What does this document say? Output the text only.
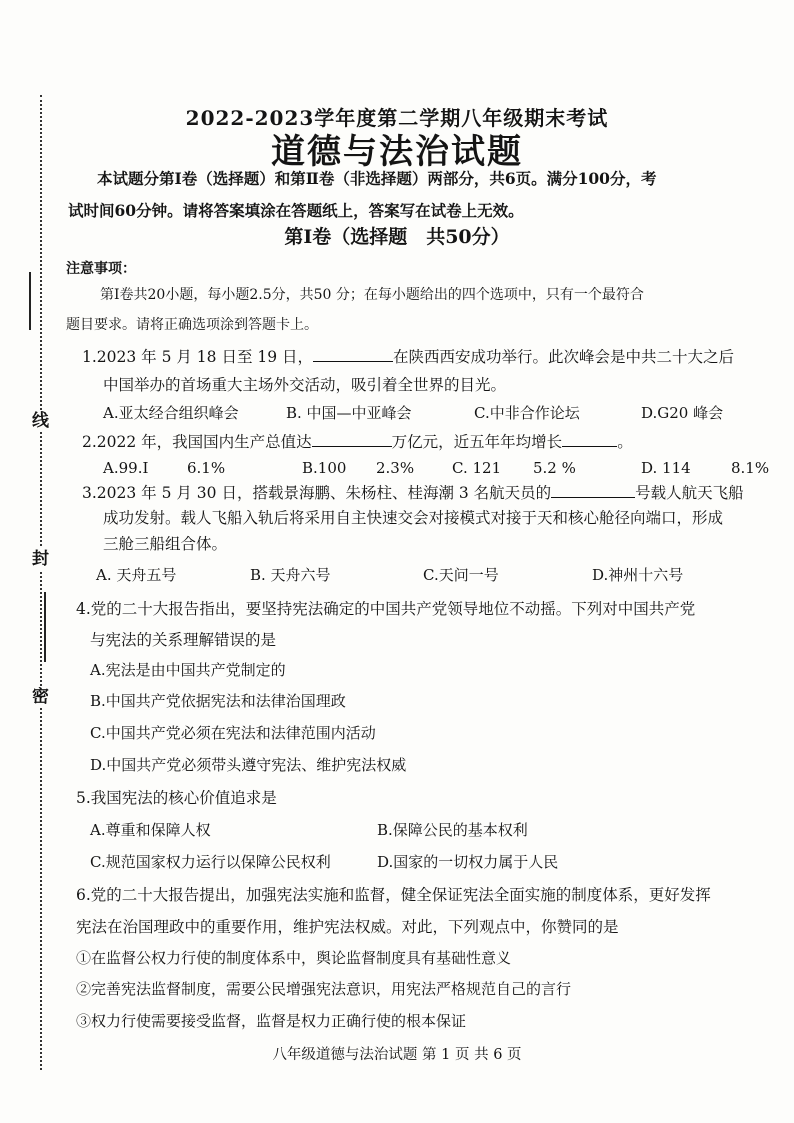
线
封
密
2022-2023学年度第二学期八年级期末考试
道德与法治试题
本试题分第Ⅰ卷（选择题）和第Ⅱ卷（非选择题）两部分，共6页。满分100分，考
试时间60分钟。请将答案填涂在答题纸上，答案写在试卷上无效。
第Ⅰ卷（选择题　共50分）
注意事项：
第Ⅰ卷共20小题，每小题2.5分，共50 分；在每小题给出的四个选项中，只有一个最符合
题目要求。请将正确选项涂到答题卡上。
1.2023 年 5 月 18 日至 19 日，	在陕西西安成功举行。此次峰会是中共二十大之后
中国举办的首场重大主场外交活动，吸引着全世界的目光。
A.亚太经合组织峰会	B. 中国—中亚峰会	C.中非合作论坛	D.G20 峰会
2.2022 年，我国国内生产总值达	万亿元，近五年年均增长	。
A.99.Ⅰ	6.1%	B.100 2.3%	C. 121 5.2 %	D. 114	8.1%
3.2023 年 5 月 30 日，搭载景海鹏、朱杨柱、桂海潮 3 名航天员的	号载人航天飞船
成功发射。载人飞船入轨后将采用自主快速交会对接模式对接于天和核心舱径向端口，形成
三舱三船组合体。
A. 天舟五号	B. 天舟六号	C.天问一号	D.神州十六号
4.党的二十大报告指出，要坚持宪法确定的中国共产党领导地位不动摇。下列对中国共产党
与宪法的关系理解错误的是
A.宪法是由中国共产党制定的
B.中国共产党依据宪法和法律治国理政
C.中国共产党必须在宪法和法律范围内活动
D.中国共产党必须带头遵守宪法、维护宪法权威
5.我国宪法的核心价值追求是
A.尊重和保障人权	B.保障公民的基本权利
C.规范国家权力运行以保障公民权利	D.国家的一切权力属于人民
6.党的二十大报告提出，加强宪法实施和监督，健全保证宪法全面实施的制度体系，更好发挥
宪法在治国理政中的重要作用，维护宪法权威。对此，下列观点中，你赞同的是
①在监督公权力行使的制度体系中，舆论监督制度具有基础性意义
②完善宪法监督制度，需要公民增强宪法意识，用宪法严格规范自己的言行
③权力行使需要接受监督，监督是权力正确行使的根本保证
八年级道德与法治试题 第 1 页 共 6 页
